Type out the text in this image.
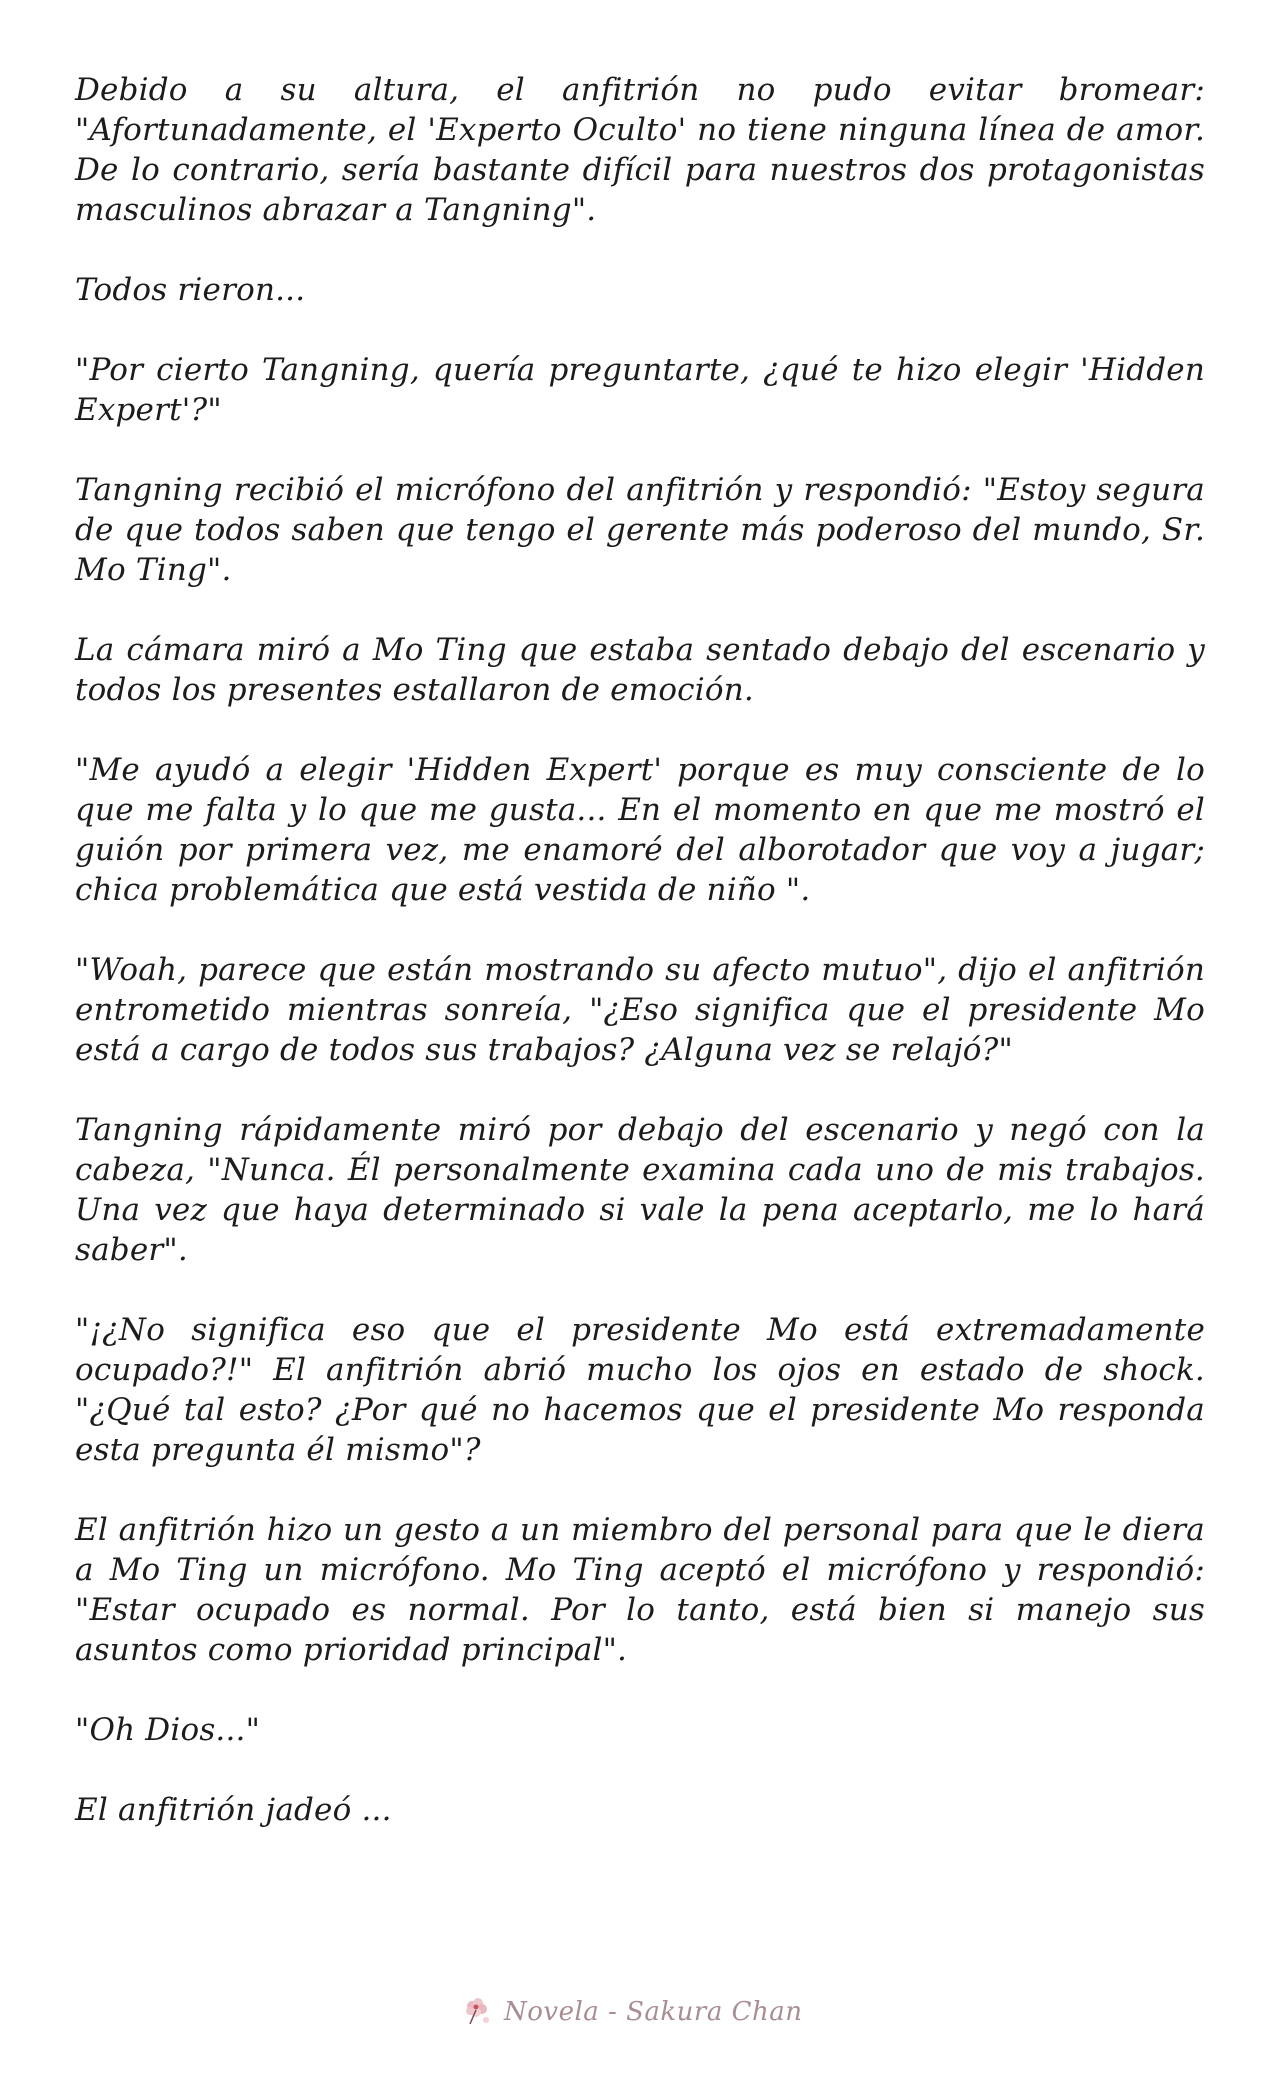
Debido a su altura, el anfitrión no pudo evitar bromear: "Afortunadamente, el 'Experto Oculto' no tiene ninguna línea de amor. De lo contrario, sería bastante difícil para nuestros dos protagonistas masculinos abrazar a Tangning".

Todos rieron...

"Por cierto Tangning, quería preguntarte, ¿qué te hizo elegir 'Hidden Expert'?"

Tangning recibió el micrófono del anfitrión y respondió: "Estoy segura de que todos saben que tengo el gerente más poderoso del mundo, Sr. Mo Ting".

La cámara miró a Mo Ting que estaba sentado debajo del escenario y todos los presentes estallaron de emoción.

"Me ayudó a elegir 'Hidden Expert' porque es muy consciente de lo que me falta y lo que me gusta... En el momento en que me mostró el guión por primera vez, me enamoré del alborotador que voy a jugar; chica problemática que está vestida de niño ".

"Woah, parece que están mostrando su afecto mutuo", dijo el anfitrión entrometido mientras sonreía, "¿Eso significa que el presidente Mo está a cargo de todos sus trabajos? ¿Alguna vez se relajó?"

Tangning rápidamente miró por debajo del escenario y negó con la cabeza, "Nunca. Él personalmente examina cada uno de mis trabajos. Una vez que haya determinado si vale la pena aceptarlo, me lo hará saber".

"¡¿No significa eso que el presidente Mo está extremadamente ocupado?!" El anfitrión abrió mucho los ojos en estado de shock. "¿Qué tal esto? ¿Por qué no hacemos que el presidente Mo responda esta pregunta él mismo"?

El anfitrión hizo un gesto a un miembro del personal para que le diera a Mo Ting un micrófono. Mo Ting aceptó el micrófono y respondió: "Estar ocupado es normal. Por lo tanto, está bien si manejo sus asuntos como prioridad principal".

"Oh Dios..."

El anfitrión jadeó ...

Novela - Sakura Chan
